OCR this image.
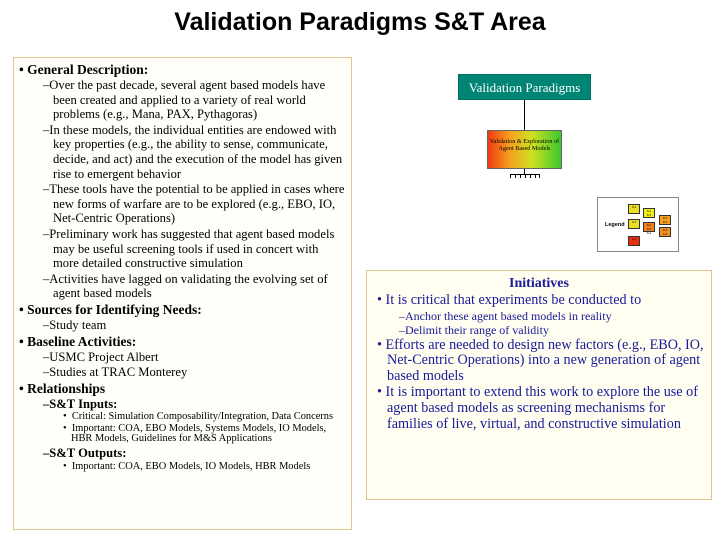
Validation Paradigms S&T Area
• General Description:
– Over the past decade, several agent based models have been created and applied to a variety of real world problems (e.g., Mana, PAX, Pythagoras)
– In these models, the individual entities are endowed with key properties (e.g., the ability to sense, communicate, decide, and act) and the execution of the model has given rise to emergent behavior
– These tools have the potential to be applied in cases where new forms of warfare are to be explored (e.g., EBO, IO, Net-Centric Operations)
– Preliminary work has suggested that agent based models may be useful screening tools if used in concert with more detailed constructive simulation
– Activities have lagged on validating the evolving set of agent based models
• Sources for Identifying Needs:
– Study team
• Baseline Activities:
– USMC Project Albert
– Studies at TRAC Monterey
• Relationships
– S&T Inputs:
•  Critical: Simulation Composability/Integration, Data Concerns
•  Important: COA, EBO Models, Systems Models, IO Models, HBR Models, Guidelines for M&S Applications
– S&T Outputs:
•  Important: COA, EBO Models, IO Models, HBR Models
Validation Paradigms
Validation & Exploration of Agent Based Models
Legend
6.2
6.2
6.3
6.3
6.2
6.3
6.2
6.3
6.4
6.3
6.4
6.4
Initiatives
• It is critical that experiments be conducted to
– Anchor these agent based models in reality
– Delimit their range of validity
• Efforts are needed to design new factors (e.g., EBO, IO, Net-Centric Operations) into a new generation of agent based models
• It is important to extend this work to explore the use of agent based models as screening mechanisms for families of live, virtual, and constructive simulation
